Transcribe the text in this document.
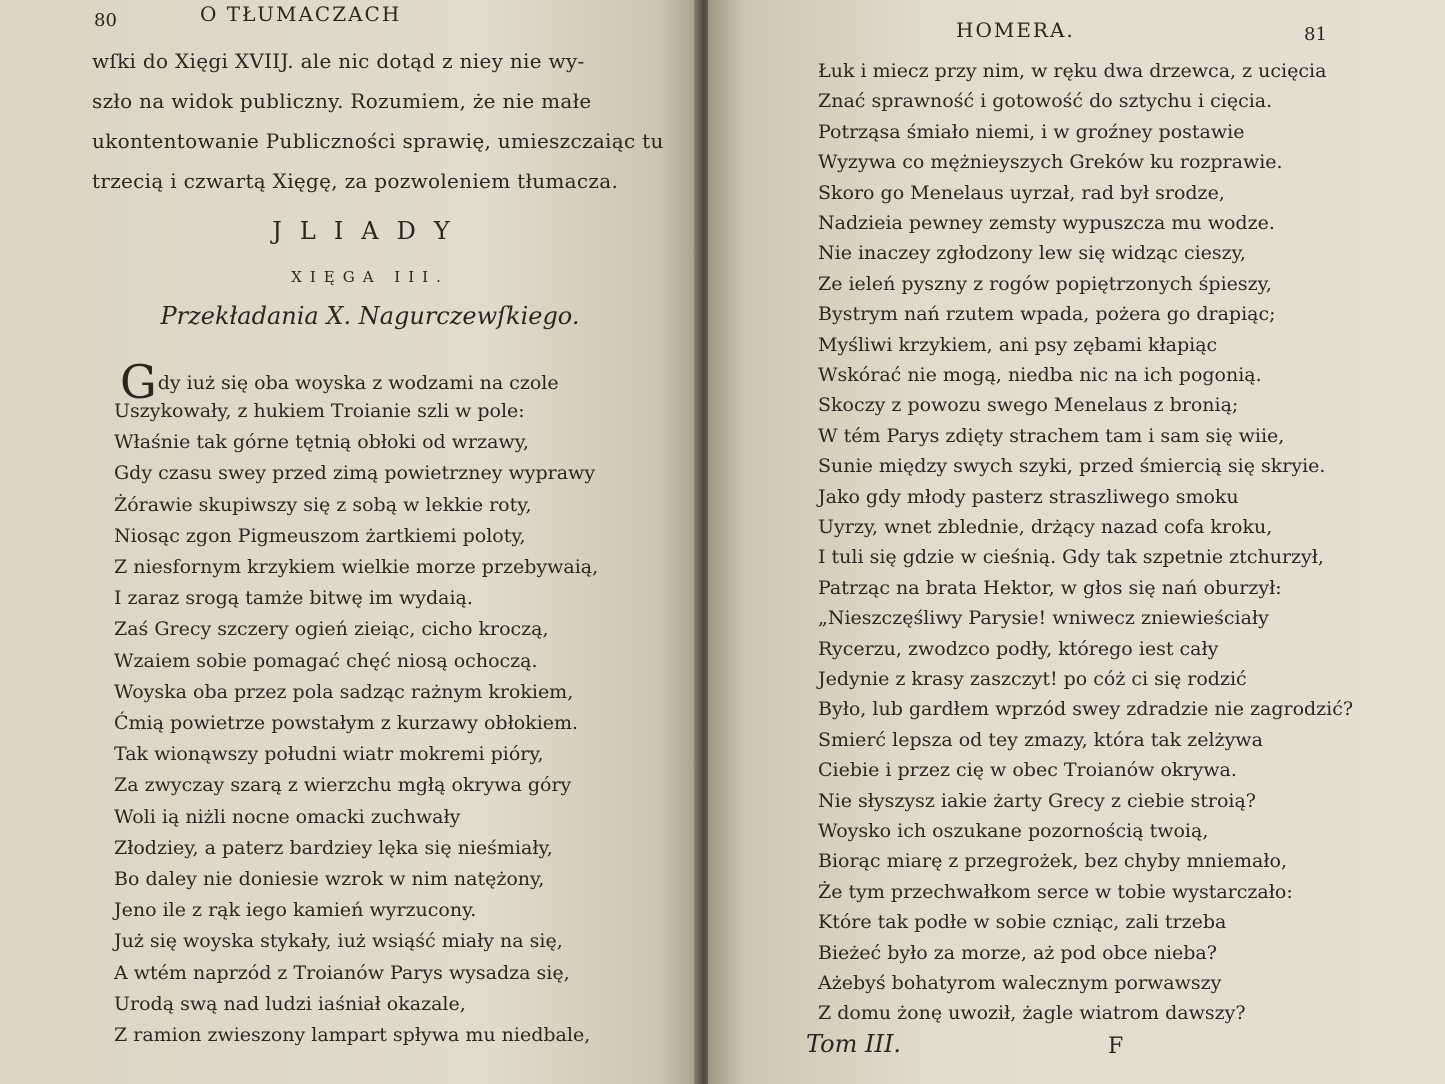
80	O TŁUMACZACH
wſki do Xięgi XVIIJ. ale nic dotąd z niey nie wy-
szło na widok publiczny. Rozumiem, że nie małe
ukontentowanie Publiczności sprawię, umieszczaiąc tu
trzecią i czwartą Xięgę, za pozwoleniem tłumacza.
JLIADY
XIĘGA III.
Przekładania X. Nagurczewſkiego.
Gdy iuż się oba woyska z wodzami na czole
Uszykowały, z hukiem Troianie szli w pole:
Właśnie tak górne tętnią obłoki od wrzawy,
Gdy czasu swey przed zimą powietrzney wyprawy
Żórawie skupiwszy się z sobą w lekkie roty,
Niosąc zgon Pigmeuszom żartkiemi poloty,
Z niesfornym krzykiem wielkie morze przebywaią,
I zaraz srogą tamże bitwę im wydaią.
Zaś Grecy szczery ogień zieiąc, cicho kroczą,
Wzaiem sobie pomagać chęć niosą ochoczą.
Woyska oba przez pola sadząc rażnym krokiem,
Ćmią powietrze powstałym z kurzawy obłokiem.
Tak wionąwszy południ wiatr mokremi pióry,
Za zwyczay szarą z wierzchu mgłą okrywa góry
Woli ią niżli nocne omacki zuchwały
Złodziey, a paterz bardziey lęka się nieśmiały,
Bo daley nie doniesie wzrok w nim natężony,
Jeno ile z rąk iego kamień wyrzucony.
Już się woyska stykały, iuż wsiąść miały na się,
A wtém naprzód z Troianów Parys wysadza się,
Urodą swą nad ludzi iaśniał okazale,
Z ramion zwieszony lampart spływa mu niedbale,
HOMERA.	81
Łuk i miecz przy nim, w ręku dwa drzewca, z ucięcia
Znać sprawność i gotowość do sztychu i cięcia.
Potrząsa śmiało niemi, i w groźney postawie
Wyzywa co mężnieyszych Greków ku rozprawie.
Skoro go Menelaus uyrzał, rad był srodze,
Nadzieia pewney zemsty wypuszcza mu wodze.
Nie inaczey zgłodzony lew się widząc cieszy,
Ze ieleń pyszny z rogów popiętrzonych śpieszy,
Bystrym nań rzutem wpada, pożera go drapiąc;
Myśliwi krzykiem, ani psy zębami kłapiąc
Wskórać nie mogą, niedba nic na ich pogonią.
Skoczy z powozu swego Menelaus z bronią;
W tém Parys zdięty strachem tam i sam się wiie,
Sunie między swych szyki, przed śmiercią się skryie.
Jako gdy młody pasterz straszliwego smoku
Uyrzy, wnet zblednie, drżący nazad cofa kroku,
I tuli się gdzie w cieśnią. Gdy tak szpetnie ztchurzył,
Patrząc na brata Hektor, w głos się nań oburzył:
„Nieszczęśliwy Parysie! wniwecz zniewieściały
Rycerzu, zwodzco podły, którego iest cały
Jedynie z krasy zaszczyt! po cóż ci się rodzić
Było, lub gardłem wprzód swey zdradzie nie zagrodzić?
Smierć lepsza od tey zmazy, która tak zelżywa
Ciebie i przez cię w obec Troianów okrywa.
Nie słyszysz iakie żarty Grecy z ciebie stroią?
Woysko ich oszukane pozornością twoią,
Biorąc miarę z przegrożek, bez chyby mniemało,
Że tym przechwałkom serce w tobie wystarczało:
Które tak podłe w sobie czniąc, zali trzeba
Bieżeć było za morze, aż pod obce nieba?
Ażebyś bohatyrom walecznym porwawszy
Z domu żonę uwoził, żagle wiatrom dawszy?
Tom III.	F
